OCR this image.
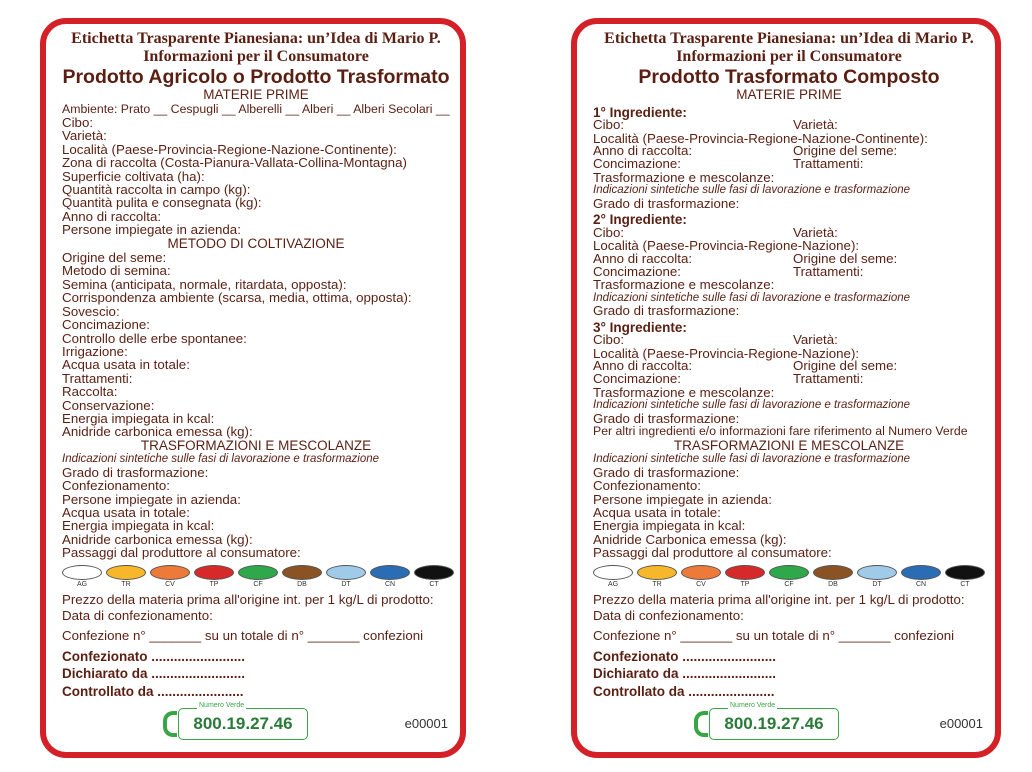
Etichetta Trasparente Pianesiana: un’Idea di Mario P.
Informazioni per il Consumatore
Prodotto Agricolo o Prodotto Trasformato
MATERIE PRIME
Ambiente: Prato __ Cespugli __ Alberelli __ Alberi __ Alberi Secolari __
Cibo:
Varietà:
Località (Paese-Provincia-Regione-Nazione-Continente):
Zona di raccolta (Costa-Pianura-Vallata-Collina-Montagna)
Superficie coltivata (ha):
Quantità raccolta in campo (kg):
Quantità pulita e consegnata (kg):
Anno di raccolta:
Persone impiegate in azienda:
METODO DI COLTIVAZIONE
Origine del seme:
Metodo di semina:
Semina (anticipata, normale, ritardata, opposta):
Corrispondenza ambiente (scarsa, media, ottima, opposta):
Sovescio:
Concimazione:
Controllo delle erbe spontanee:
Irrigazione:
Acqua usata in totale:
Trattamenti:
Raccolta:
Conservazione:
Energia impiegata in kcal:
Anidride carbonica emessa (kg):
TRASFORMAZIONI E MESCOLANZE
Indicazioni sintetiche sulle fasi di lavorazione e trasformazione
Grado di trasformazione:
Confezionamento:
Persone impiegate in azienda:
Acqua usata in totale:
Energia impiegata in kcal:
Anidride carbonica emessa (kg):
Passaggi dal produttore al consumatore:
AG	TR	CV	TP	CF	DB	DT	CN	CT
Prezzo della materia prima all'origine int. per 1 kg/L di prodotto:
Data di confezionamento:
Confezione n° _______ su un totale di n° _______ confezioni
Confezionato .........................
Dichiarato da .........................
Controllato da .......................
Numero Verde
800.19.27.46	e00001
Etichetta Trasparente Pianesiana: un’Idea di Mario P.
Informazioni per il Consumatore
Prodotto Trasformato Composto
MATERIE PRIME
1° Ingrediente:
Cibo:	Varietà:
Località (Paese-Provincia-Regione-Nazione-Continente):
Anno di raccolta:	Origine del seme:
Concimazione:	Trattamenti:
Trasformazione e mescolanze:
Indicazioni sintetiche sulle fasi di lavorazione e trasformazione
Grado di trasformazione:
2° Ingrediente:
Cibo:	Varietà:
Località (Paese-Provincia-Regione-Nazione):
Anno di raccolta:	Origine del seme:
Concimazione:	Trattamenti:
Trasformazione e mescolanze:
Indicazioni sintetiche sulle fasi di lavorazione e trasformazione
Grado di trasformazione:
3° Ingrediente:
Cibo:	Varietà:
Località (Paese-Provincia-Regione-Nazione):
Anno di raccolta:	Origine del seme:
Concimazione:	Trattamenti:
Trasformazione e mescolanze:
Indicazioni sintetiche sulle fasi di lavorazione e trasformazione
Grado di trasformazione:
Per altri ingredienti e/o informazioni fare riferimento al Numero Verde
TRASFORMAZIONI E MESCOLANZE
Indicazioni sintetiche sulle fasi di lavorazione e trasformazione
Grado di trasformazione:
Confezionamento:
Persone impiegate in azienda:
Acqua usata in totale:
Energia impiegata in kcal:
Anidride Carbonica emessa (kg):
Passaggi dal produttore al consumatore:
AG	TR	CV	TP	CF	DB	DT	CN	CT
Prezzo della materia prima all'origine int. per 1 kg/L di prodotto:
Data di confezionamento:
Confezione n° _______ su un totale di n° _______ confezioni
Confezionato .........................
Dichiarato da .........................
Controllato da .......................
Numero Verde
800.19.27.46	e00001
